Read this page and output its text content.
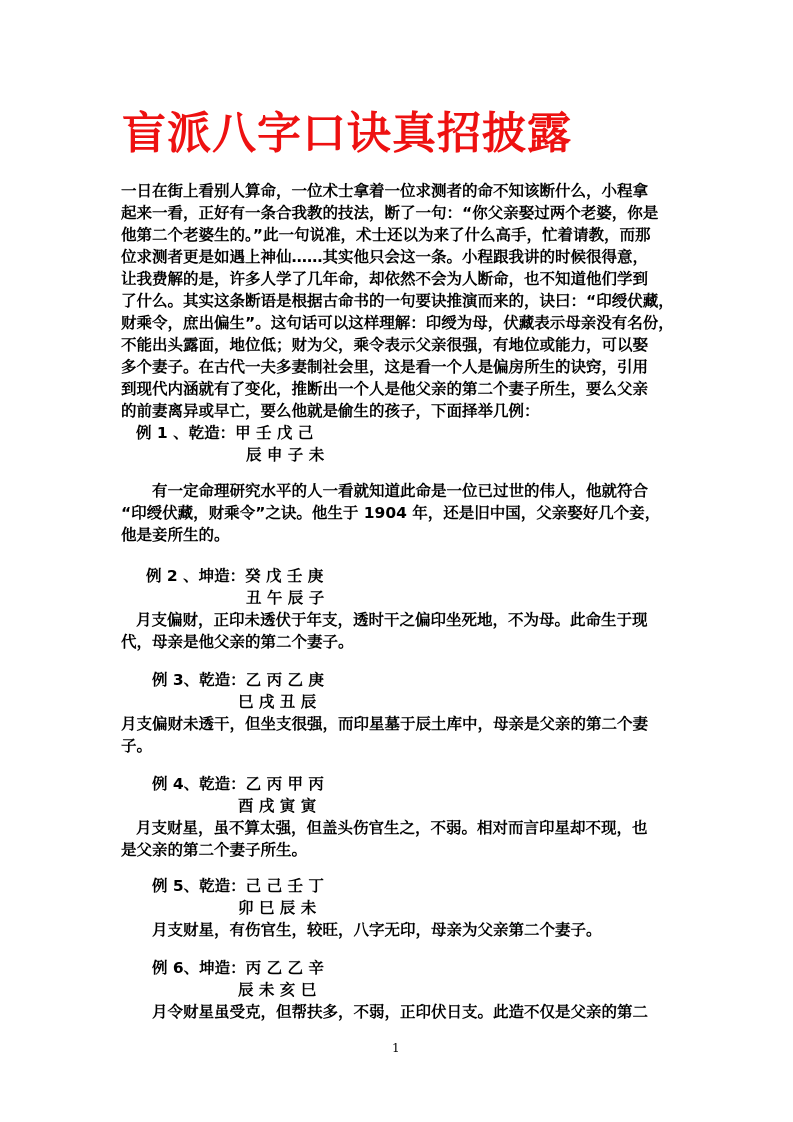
盲派八字口诀真招披露
一日在街上看别人算命，一位术士拿着一位求测者的命不知该断什么，小程拿
起来一看，正好有一条合我教的技法，断了一句：“你父亲娶过两个老婆，你是
他第二个老婆生的。”此一句说准，术士还以为来了什么高手，忙着请教，而那
位求测者更是如遇上神仙……其实他只会这一条。小程跟我讲的时候很得意，
让我费解的是，许多人学了几年命，却依然不会为人断命，也不知道他们学到
了什么。其实这条断语是根据古命书的一句要诀推演而来的，诀曰：“印绶伏藏，
财乘令，庶出偏生”。这句话可以这样理解：印绶为母，伏藏表示母亲没有名份，
不能出头露面，地位低；财为父，乘令表示父亲很强，有地位或能力，可以娶
多个妻子。在古代一夫多妻制社会里，这是看一个人是偏房所生的诀窍，引用
到现代内涵就有了变化，推断出一个人是他父亲的第二个妻子所生，要么父亲
的前妻离异或早亡，要么他就是偷生的孩子，下面择举几例：
例 1 、乾造：甲 壬 戊 己
辰 申 子 未
有一定命理研究水平的人一看就知道此命是一位已过世的伟人，他就符合
“印绶伏藏，财乘令”之诀。他生于 1904 年，还是旧中国，父亲娶好几个妾，
他是妾所生的。
例 2 、坤造：癸 戊 壬 庚
丑 午 辰 子
月支偏财，正印未透伏于年支，透时干之偏印坐死地，不为母。此命生于现
代，母亲是他父亲的第二个妻子。
例 3、乾造：乙 丙 乙 庚
巳 戌 丑 辰
月支偏财未透干，但坐支很强，而印星墓于辰土库中，母亲是父亲的第二个妻
子。
例 4、乾造：乙 丙 甲 丙
酉 戌 寅 寅
月支财星，虽不算太强，但盖头伤官生之，不弱。相对而言印星却不现，也
是父亲的第二个妻子所生。
例 5、乾造：己 己 壬 丁
卯 巳 辰 未
月支财星，有伤官生，较旺，八字无印，母亲为父亲第二个妻子。
例 6、坤造：丙 乙 乙 辛
辰 未 亥 巳
月令财星虽受克，但帮扶多，不弱，正印伏日支。此造不仅是父亲的第二
1
